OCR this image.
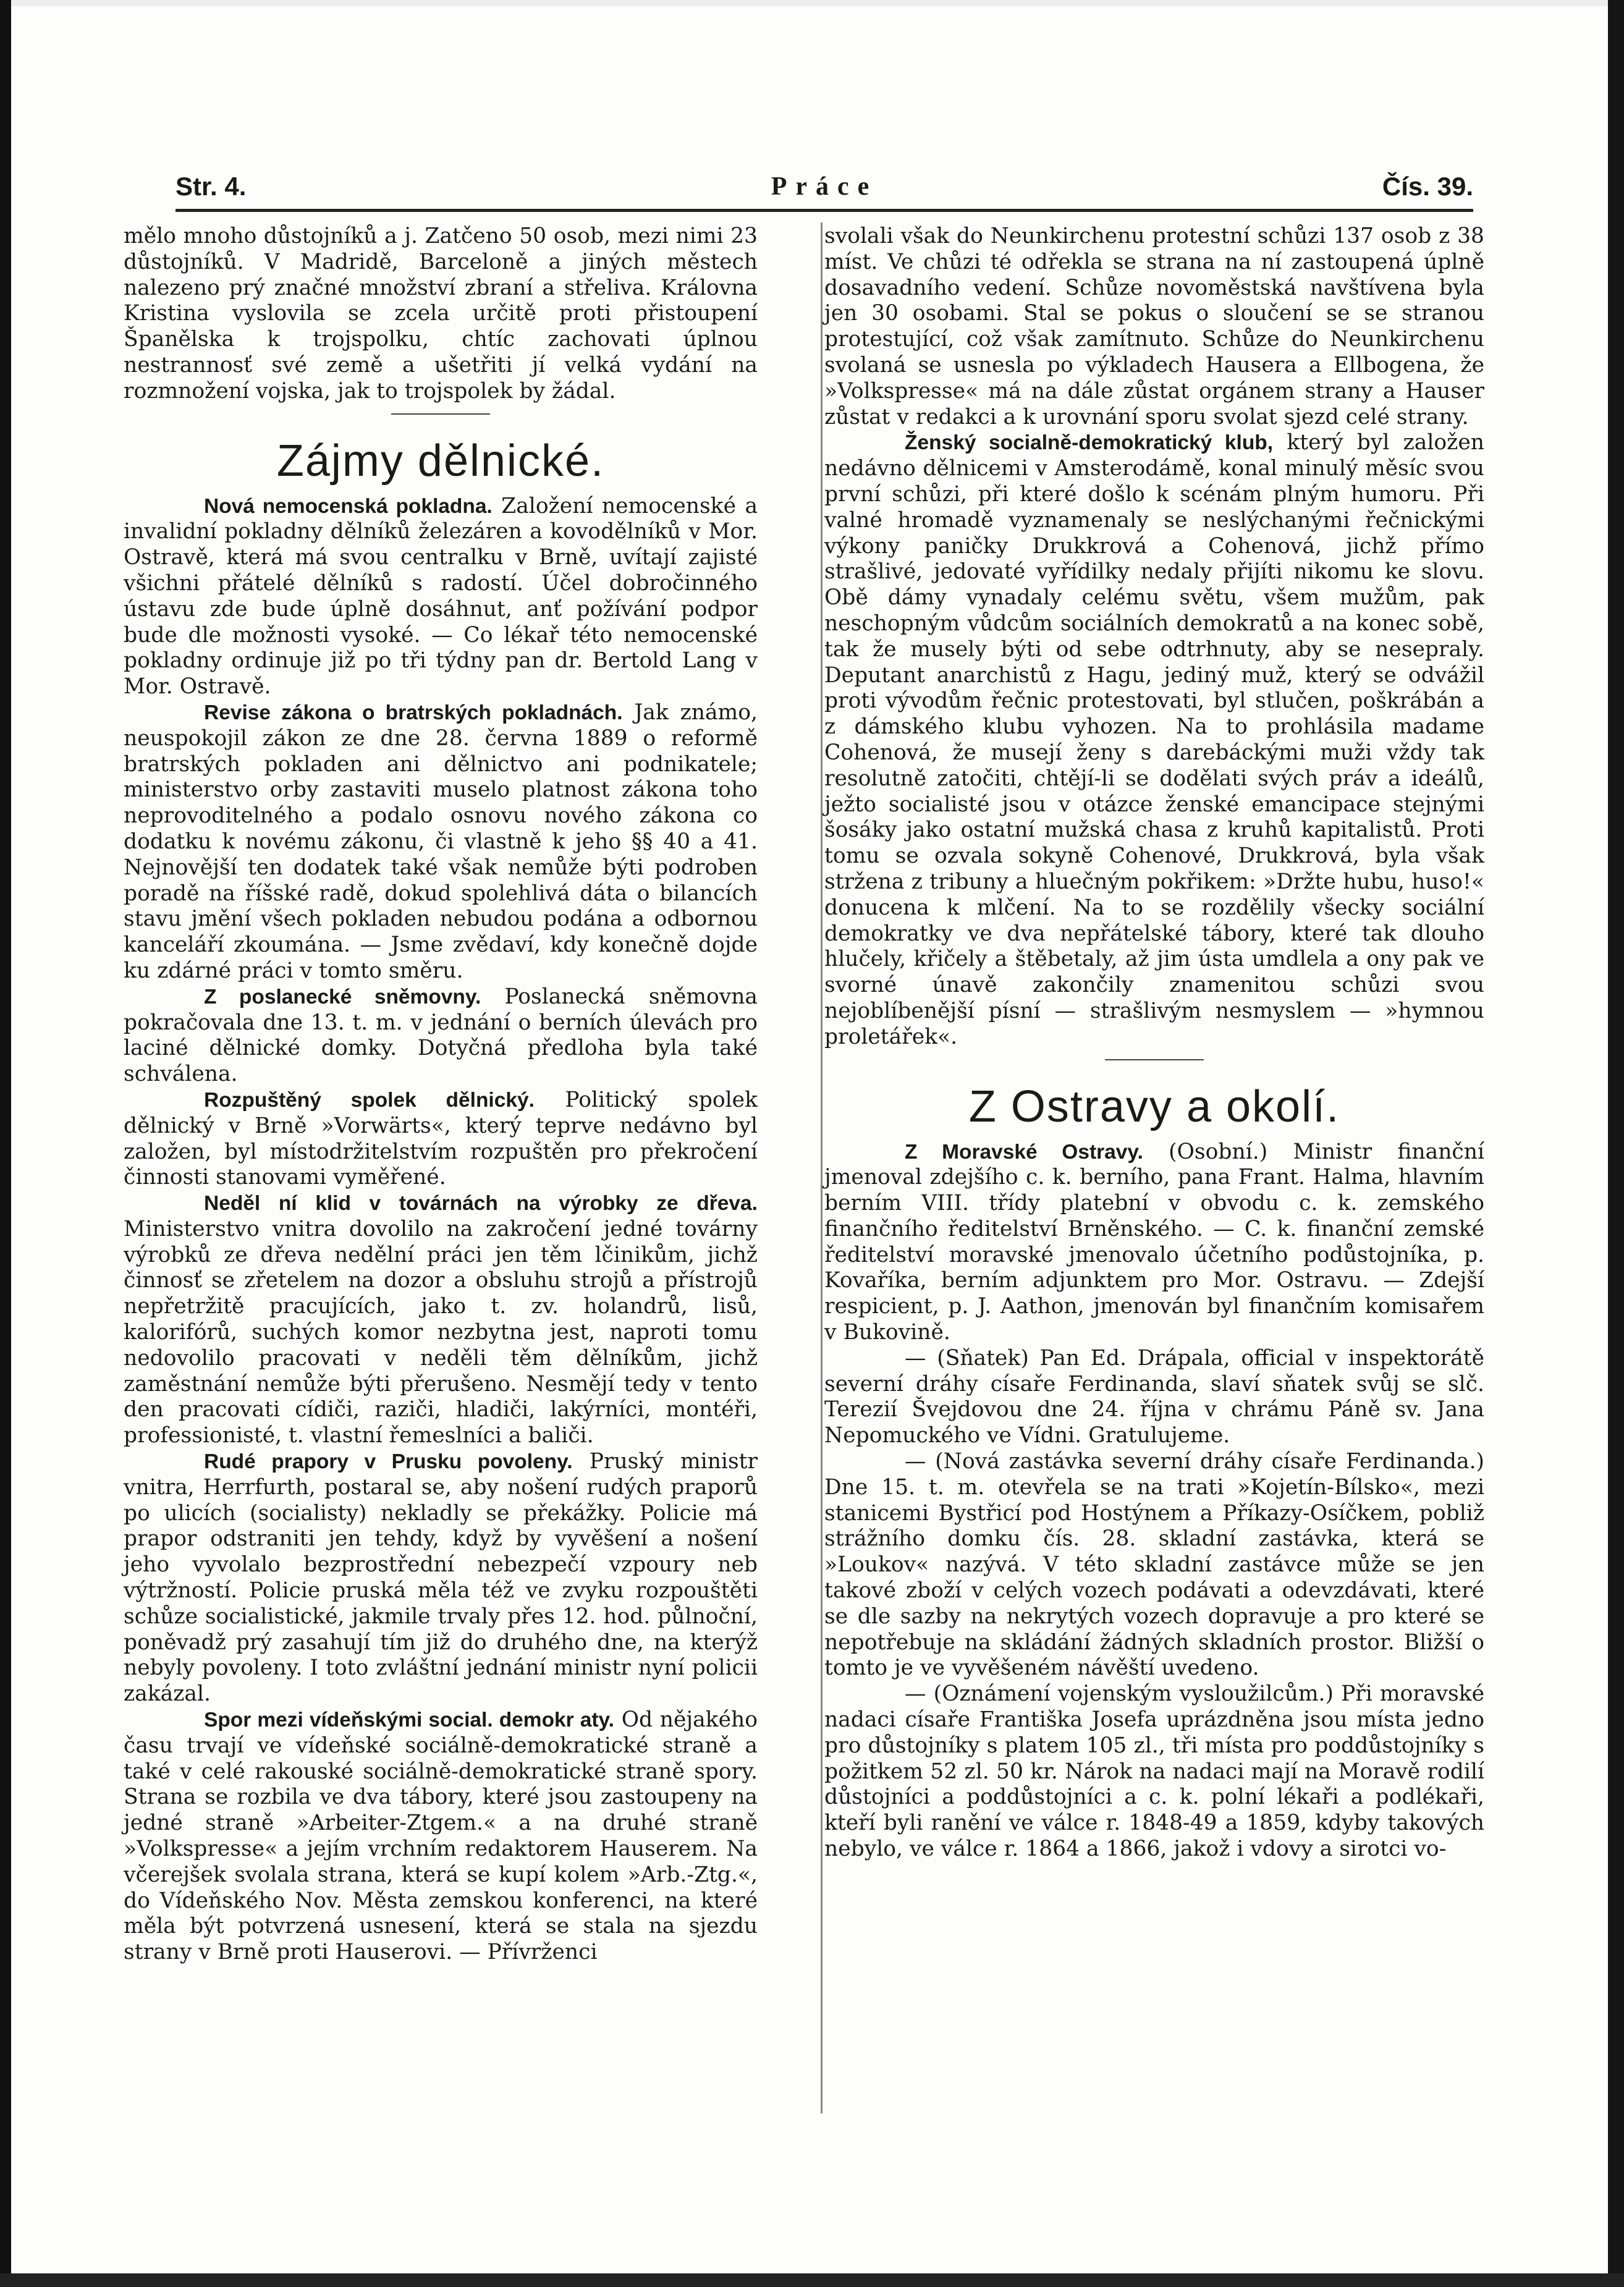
Str. 4.	Práce	Čís. 39.

mělo mnoho důstojníků a j. Zatčeno 50 osob, mezi nimi 23 důstojníků. V Madridě, Barceloně a jiných městech nalezeno prý značné množství zbraní a střeliva. Královna Kristina vyslovila se zcela určitě proti přistoupení Španělska k trojspolku, chtíc zachovati úplnou nestrannosť své země a ušetřiti jí velká vydání na rozmnožení vojska, jak to trojspolek by žádal.

Zájmy dělnické.

Nová nemocenská pokladna. Založení nemocenské a invalidní pokladny dělníků železáren a kovodělníků v Mor. Ostravě, která má svou centralku v Brně, uvítají zajisté všichni přátelé dělníků s radostí. Účel dobročinného ústavu zde bude úplně dosáhnut, anť požívání podpor bude dle možnosti vysoké. — Co lékař této nemocenské pokladny ordinuje již po tři týdny pan dr. Bertold Lang v Mor. Ostravě.

Revise zákona o bratrských pokladnách. Jak známo, neuspokojil zákon ze dne 28. června 1889 o reformě bratrských pokladen ani dělnictvo ani podnikatele; ministerstvo orby zastaviti muselo platnost zákona toho neprovoditelného a podalo osnovu nového zákona co dodatku k novému zákonu, či vlastně k jeho §§ 40 a 41. Nejnovější ten dodatek také však nemůže býti podroben poradě na říšské radě, dokud spolehlivá dáta o bilancích stavu jmění všech pokladen nebudou podána a odbornou kanceláří zkoumána. — Jsme zvědaví, kdy konečně dojde ku zdárné práci v tomto směru.

Z poslanecké sněmovny. Poslanecká sněmovna pokračovala dne 13. t. m. v jednání o berních úlevách pro laciné dělnické domky. Dotyčná předloha byla také schválena.

Rozpuštěný spolek dělnický. Politický spolek dělnický v Brně »Vorwärts«, který teprve nedávno byl založen, byl místodržitelstvím rozpuštěn pro překročení činnosti stanovami vyměřené.

Neděl ní klid v továrnách na výrobky ze dřeva. Ministerstvo vnitra dovolilo na zakročení jedné továrny výrobků ze dřeva nedělní práci jen těm lčinikům, jichž činnosť se zřetelem na dozor a obsluhu strojů a přístrojů nepřetržitě pracujících, jako t. zv. holandrů, lisů, kalorifórů, suchých komor nezbytna jest, naproti tomu nedovolilo pracovati v neděli těm dělníkům, jichž zaměstnání nemůže býti přerušeno. Nesmějí tedy v tento den pracovati cídiči, raziči, hladiči, lakýrníci, montéři, professionisté, t. vlastní řemeslníci a baliči.

Rudé prapory v Prusku povoleny. Pruský ministr vnitra, Herrfurth, postaral se, aby nošení rudých praporů po ulicích (socialisty) nekladly se překážky. Policie má prapor odstraniti jen tehdy, když by vyvěšení a nošení jeho vyvolalo bezprostřední nebezpečí vzpoury neb výtržností. Policie pruská měla též ve zvyku rozpouštěti schůze socialistické, jakmile trvaly přes 12. hod. půlnoční, poněvadž prý zasahují tím již do druhého dne, na kterýž nebyly povoleny. I toto zvláštní jednání ministr nyní policii zakázal.

Spor mezi vídeňskými social. demokr aty. Od nějakého času trvají ve vídeňské sociálně-demokratické straně a také v celé rakouské sociálně-demokratické straně spory. Strana se rozbila ve dva tábory, které jsou zastoupeny na jedné straně »Arbeiter-Ztgem.« a na druhé straně »Volkspresse« a jejím vrchním redaktorem Hauserem. Na včerejšek svolala strana, která se kupí kolem »Arb.-Ztg.«, do Vídeňského Nov. Města zemskou konferenci, na které měla být potvrzená usnesení, která se stala na sjezdu strany v Brně proti Hauserovi. — Přívrženci

svolali však do Neunkirchenu protestní schůzi 137 osob z 38 míst. Ve chůzi té odřekla se strana na ní zastoupená úplně dosavadního vedení. Schůze novoměstská navštívena byla jen 30 osobami. Stal se pokus o sloučení se se stranou protestující, což však zamítnuto. Schůze do Neunkirchenu svolaná se usnesla po výkladech Hausera a Ellbogena, že »Volkspresse« má na dále zůstat orgánem strany a Hauser zůstat v redakci a k urovnání sporu svolat sjezd celé strany.

Ženský socialně-demokratický klub, který byl založen nedávno dělnicemi v Amsterodámě, konal minulý měsíc svou první schůzi, při které došlo k scénám plným humoru. Při valné hromadě vyznamenaly se neslýchanými řečnickými výkony paničky Drukkrová a Cohenová, jichž přímo strašlivé, jedovaté vyřídilky nedaly přijíti nikomu ke slovu. Obě dámy vynadaly celému světu, všem mužům, pak neschopným vůdcům sociálních demokratů a na konec sobě, tak že musely býti od sebe odtrhnuty, aby se nesepraly. Deputant anarchistů z Hagu, jediný muž, který se odvážil proti vývodům řečnic protestovati, byl stlučen, poškrábán a z dámského klubu vyhozen. Na to prohlásila madame Cohenová, že musejí ženy s darebáckými muži vždy tak resolutně zatočiti, chtějí-li se dodělati svých práv a ideálů, ježto socialisté jsou v otázce ženské emancipace stejnými šosáky jako ostatní mužská chasa z kruhů kapitalistů. Proti tomu se ozvala sokyně Cohenové, Drukkrová, byla však stržena z tribuny a hluečným pokřikem: »Držte hubu, huso!« donucena k mlčení. Na to se rozdělily všecky sociální demokratky ve dva nepřátelské tábory, které tak dlouho hlučely, křičely a štěbetaly, až jim ústa umdlela a ony pak ve svorné únavě zakončily znamenitou schůzi svou nejoblíbenější písní — strašlivým nesmyslem — »hymnou proletářek«.

Z Ostravy a okolí.

Z Moravské Ostravy. (Osobní.) Ministr finanční jmenoval zdejšího c. k. berního, pana Frant. Halma, hlavním berním VIII. třídy platební v obvodu c. k. zemského finančního ředitelství Brněnského. — C. k. finanční zemské ředitelství moravské jmenovalo účetního podůstojníka, p. Kovaříka, berním adjunktem pro Mor. Ostravu. — Zdejší respicient, p. J. Aathon, jmenován byl finančním komisařem v Bukovině.

— (Sňatek) Pan Ed. Drápala, official v inspektorátě severní dráhy císaře Ferdinanda, slaví sňatek svůj se slč. Terezií Švejdovou dne 24. října v chrámu Páně sv. Jana Nepomuckého ve Vídni. Gratulujeme.

— (Nová zastávka severní dráhy císaře Ferdinanda.) Dne 15. t. m. otevřela se na trati »Kojetín-Bílsko«, mezi stanicemi Bystřicí pod Hostýnem a Příkazy-Osíčkem, pobliž strážního domku čís. 28. skladní zastávka, která se »Loukov« nazývá. V této skladní zastávce může se jen takové zboží v celých vozech podávati a odevzdávati, které se dle sazby na nekrytých vozech dopravuje a pro které se nepotřebuje na skládání žádných skladních prostor. Bližší o tomto je ve vyvěšeném návěští uvedeno.

— (Oznámení vojenským vysloužilcům.) Při moravské nadaci císaře Františka Josefa uprázdněna jsou místa jedno pro důstojníky s platem 105 zl., tři místa pro poddůstojníky s požitkem 52 zl. 50 kr. Nárok na nadaci mají na Moravě rodilí důstojníci a poddůstojníci a c. k. polní lékaři a podlékaři, kteří byli ranění ve válce r. 1848-49 a 1859, kdyby takových nebylo, ve válce r. 1864 a 1866, jakož i vdovy a sirotci vo-
